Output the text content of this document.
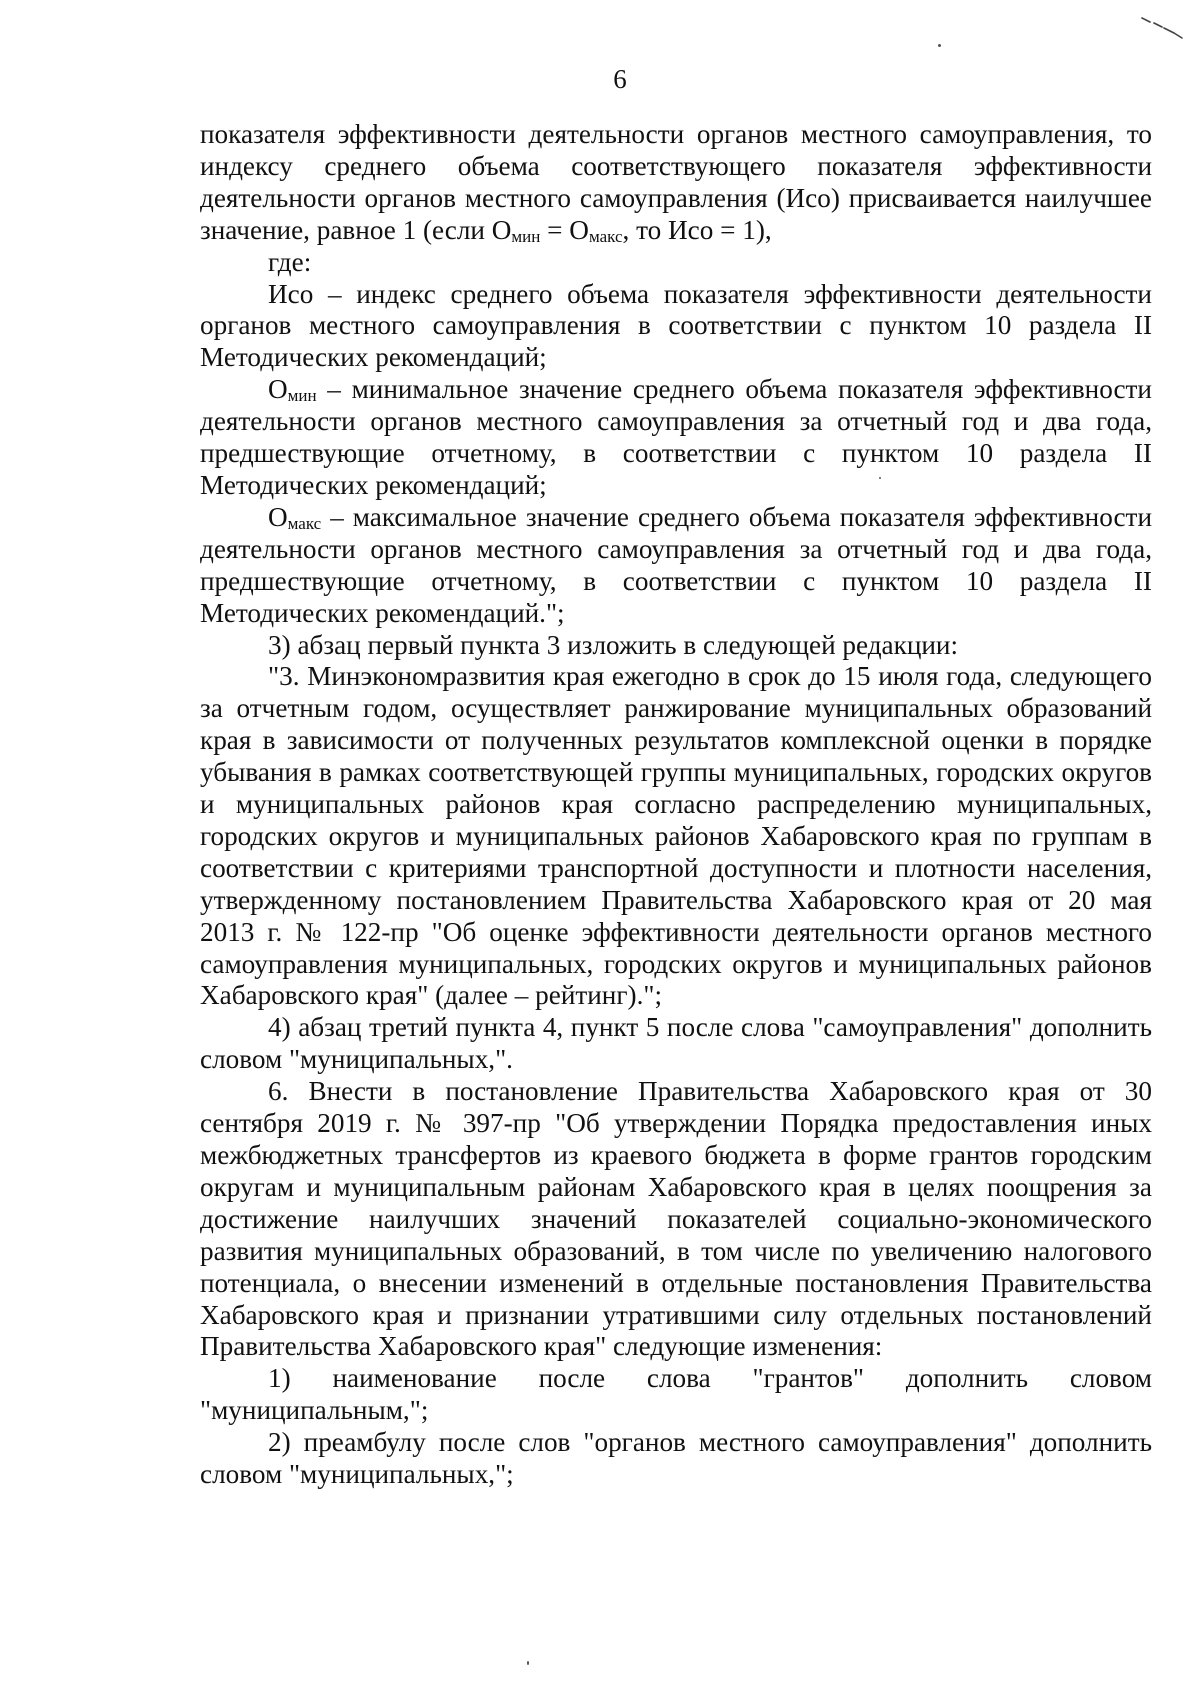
6

показателя эффективности деятельности органов местного самоуправления, то индексу среднего объема соответствующего показателя эффективности деятельности органов местного самоуправления (Исо) присваивается наилучшее значение, равное 1 (если $О_{мин} = О_{макс}$, то Исо = 1),

где:

Исо – индекс среднего объема показателя эффективности деятельности органов местного самоуправления в соответствии с пунктом 10 раздела II Методических рекомендаций;

$О_{мин}$ – минимальное значение среднего объема показателя эффективности деятельности органов местного самоуправления за отчетный год и два года, предшествующие отчетному, в соответствии с пунктом 10 раздела II Методических рекомендаций;

$О_{макс}$ – максимальное значение среднего объема показателя эффективности деятельности органов местного самоуправления за отчетный год и два года, предшествующие отчетному, в соответствии с пунктом 10 раздела II Методических рекомендаций.";

3) абзац первый пункта 3 изложить в следующей редакции:

"3. Минэкономразвития края ежегодно в срок до 15 июля года, следующего за отчетным годом, осуществляет ранжирование муниципальных образований края в зависимости от полученных результатов комплексной оценки в порядке убывания в рамках соответствующей группы муниципальных, городских округов и муниципальных районов края согласно распределению муниципальных, городских округов и муниципальных районов Хабаровского края по группам в соответствии с критериями транспортной доступности и плотности населения, утвержденному постановлением Правительства Хабаровского края от 20 мая 2013 г. № 122-пр "Об оценке эффективности деятельности органов местного самоуправления муниципальных, городских округов и муниципальных районов Хабаровского края" (далее – рейтинг).";

4) абзац третий пункта 4, пункт 5 после слова "самоуправления" дополнить словом "муниципальных,".

6. Внести в постановление Правительства Хабаровского края от 30 сентября 2019 г. № 397-пр "Об утверждении Порядка предоставления иных межбюджетных трансфертов из краевого бюджета в форме грантов городским округам и муниципальным районам Хабаровского края в целях поощрения за достижение наилучших значений показателей социально-экономического развития муниципальных образований, в том числе по увеличению налогового потенциала, о внесении изменений в отдельные постановления Правительства Хабаровского края и признании утратившими силу отдельных постановлений Правительства Хабаровского края" следующие изменения:

1) наименование после слова "грантов" дополнить словом "муниципальным,";

2) преамбулу после слов "органов местного самоуправления" дополнить словом "муниципальных,";
